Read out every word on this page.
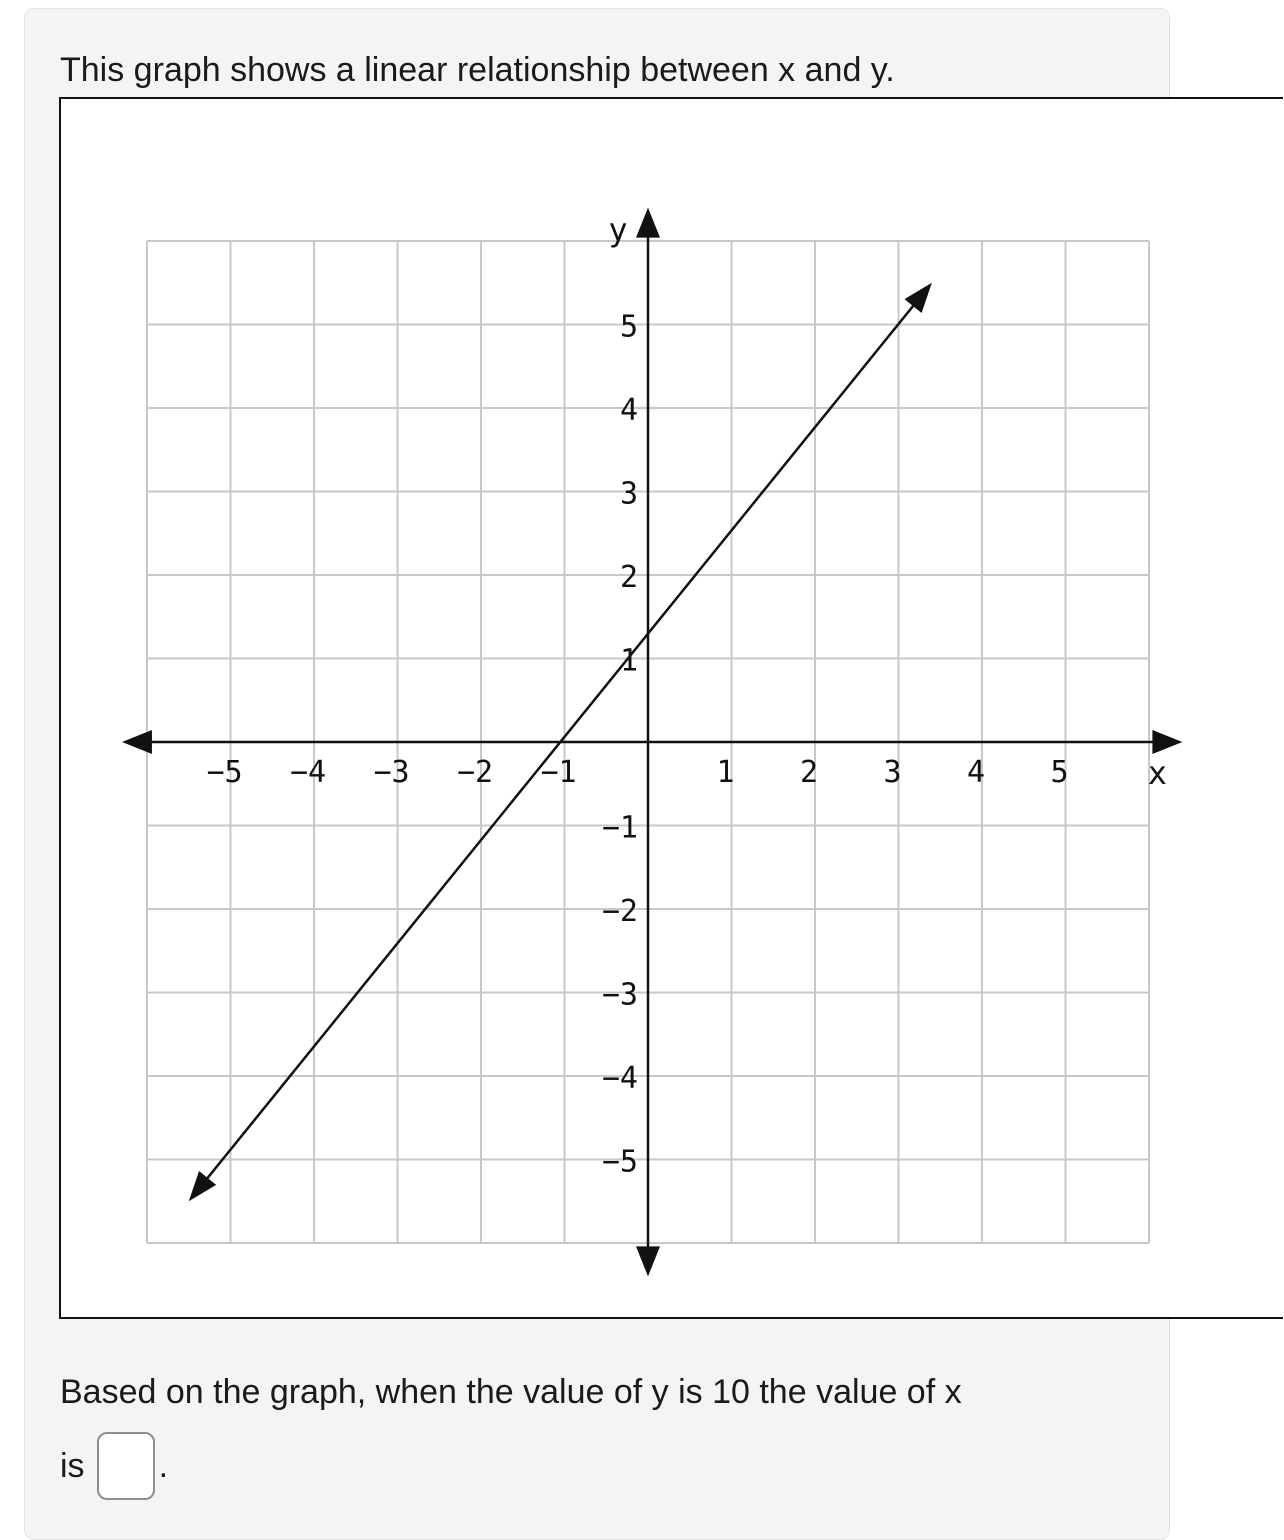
This graph shows a linear relationship between x and y.
−5 −4 −3 −2 −1	1 2 3 4 5
5
4
3
2
1
−1
−2
−3
−4
−5
x
y
Based on the graph, when the value of y is 10 the value of x
is .
